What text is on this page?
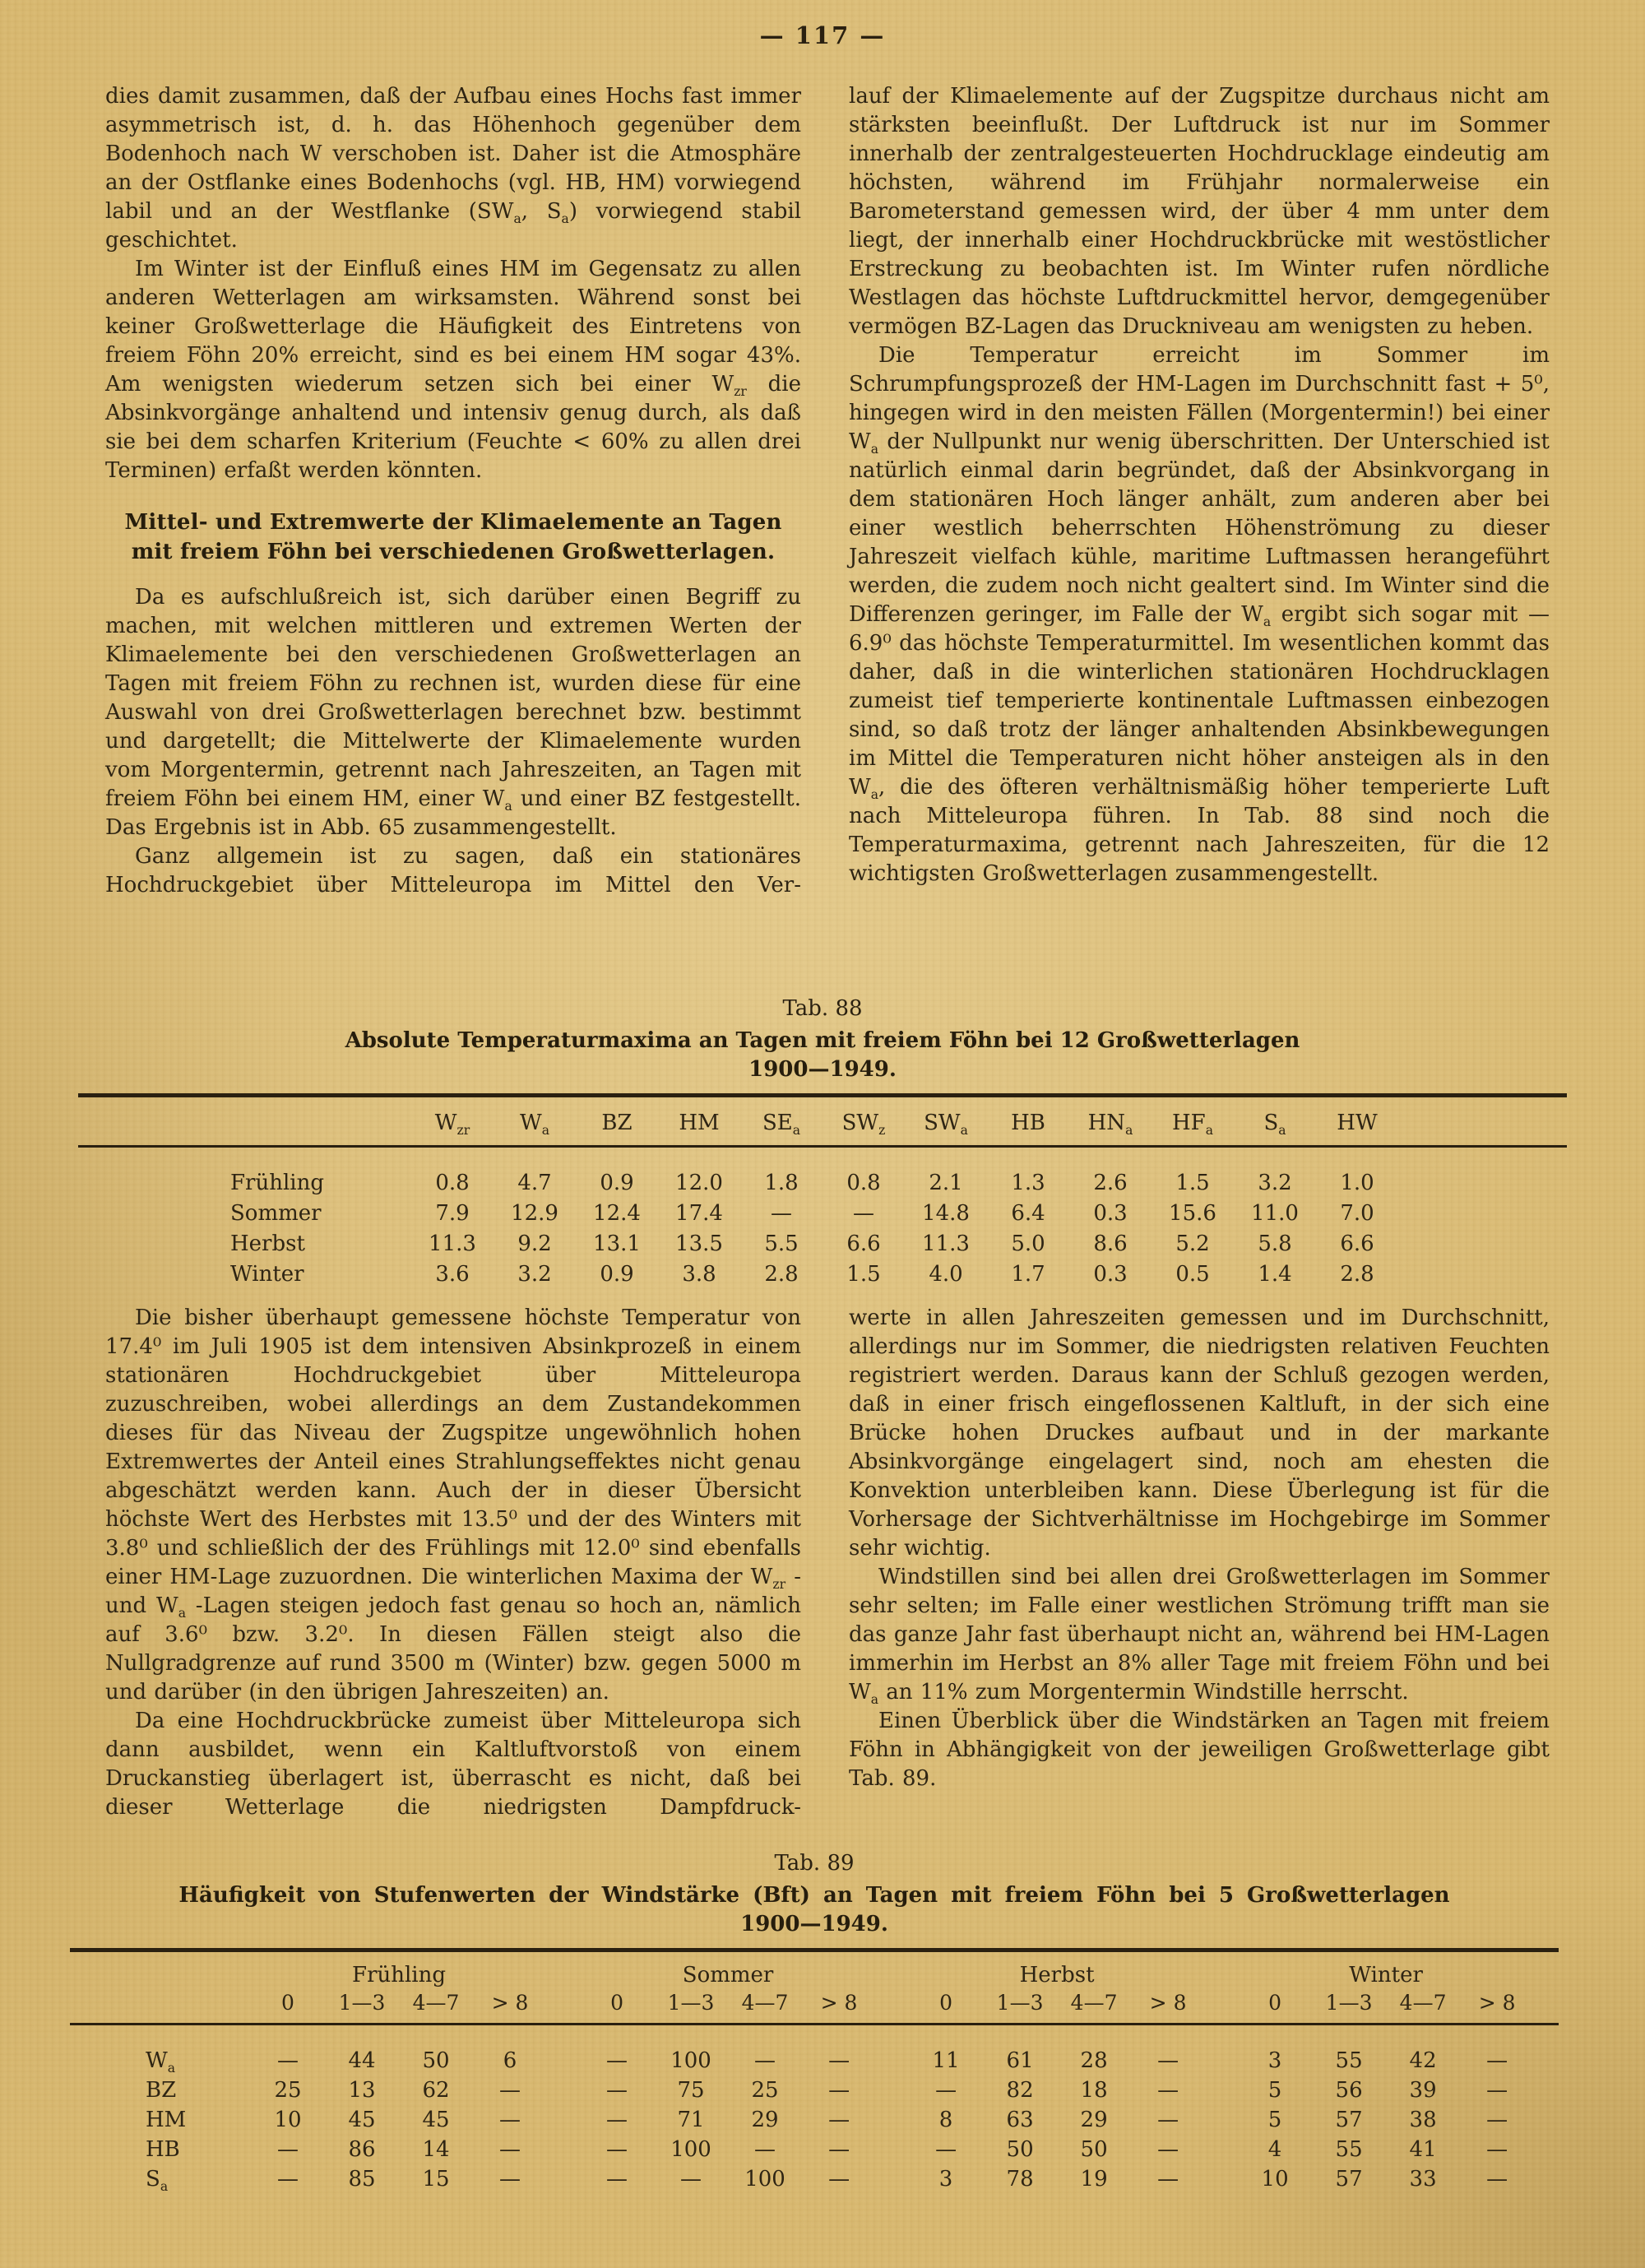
— 117 —

dies damit zusammen, daß der Aufbau eines Hochs fast immer asymmetrisch ist, d. h. das Höhenhoch gegenüber dem Bodenhoch nach W verschoben ist. Daher ist die Atmosphäre an der Ostflanke eines Bodenhochs (vgl. HB, HM) vorwiegend labil und an der Westflanke ($SW_a$, $S_a$) vorwiegend stabil geschichtet.

Im Winter ist der Einfluß eines HM im Gegensatz zu allen anderen Wetterlagen am wirksamsten. Während sonst bei keiner Großwetterlage die Häufigkeit des Eintretens von freiem Föhn 20% erreicht, sind es bei einem HM sogar 43%. Am wenigsten wiederum setzen sich bei einer $W_{zr}$ die Absinkvorgänge anhaltend und intensiv genug durch, als daß sie bei dem scharfen Kriterium (Feuchte < 60% zu allen drei Terminen) erfaßt werden könnten.

Mittel- und Extremwerte der Klimaelemente an Tagen
mit freiem Föhn bei verschiedenen Großwetterlagen.

Da es aufschlußreich ist, sich darüber einen Begriff zu machen, mit welchen mittleren und extremen Werten der Klimaelemente bei den verschiedenen Großwetterlagen an Tagen mit freiem Föhn zu rechnen ist, wurden diese für eine Auswahl von drei Großwetterlagen berechnet bzw. bestimmt und dargetellt; die Mittelwerte der Klimaelemente wurden vom Morgentermin, getrennt nach Jahreszeiten, an Tagen mit freiem Föhn bei einem HM, einer $W_a$ und einer BZ festgestellt. Das Ergebnis ist in Abb. 65 zusammengestellt.

Ganz allgemein ist zu sagen, daß ein stationäres Hochdruckgebiet über Mitteleuropa im Mittel den Ver-

lauf der Klimaelemente auf der Zugspitze durchaus nicht am stärksten beeinflußt. Der Luftdruck ist nur im Sommer innerhalb der zentralgesteuerten Hochdrucklage eindeutig am höchsten, während im Frühjahr normalerweise ein Barometerstand gemessen wird, der über 4 mm unter dem liegt, der innerhalb einer Hochdruckbrücke mit westöstlicher Erstreckung zu beobachten ist. Im Winter rufen nördliche Westlagen das höchste Luftdruckmittel hervor, demgegenüber vermögen BZ-Lagen das Druckniveau am wenigsten zu heben.

Die Temperatur erreicht im Sommer im Schrumpfungsprozeß der HM-Lagen im Durchschnitt fast + 5⁰, hingegen wird in den meisten Fällen (Morgentermin!) bei einer $W_a$ der Nullpunkt nur wenig überschritten. Der Unterschied ist natürlich einmal darin begründet, daß der Absinkvorgang in dem stationären Hoch länger anhält, zum anderen aber bei einer westlich beherrschten Höhenströmung zu dieser Jahreszeit vielfach kühle, maritime Luftmassen herangeführt werden, die zudem noch nicht gealtert sind. Im Winter sind die Differenzen geringer, im Falle der $W_a$ ergibt sich sogar mit — 6.9⁰ das höchste Temperaturmittel. Im wesentlichen kommt das daher, daß in die winterlichen stationären Hochdrucklagen zumeist tief temperierte kontinentale Luftmassen einbezogen sind, so daß trotz der länger anhaltenden Absinkbewegungen im Mittel die Temperaturen nicht höher ansteigen als in den $W_a$, die des öfteren verhältnismäßig höher temperierte Luft nach Mitteleuropa führen. In Tab. 88 sind noch die Temperaturmaxima, getrennt nach Jahreszeiten, für die 12 wichtigsten Großwetterlagen zusammengestellt.

Tab. 88
Absolute Temperaturmaxima an Tagen mit freiem Föhn bei 12 Großwetterlagen
1900—1949.
	$W_{zr}$	$W_a$	BZ	HM	$SE_a$	$SW_z$	$SW_a$	HB	$HN_a$	$HF_a$	$S_a$	HW	
Frühling	0.8	4.7	0.9	12.0	1.8	0.8	2.1	1.3	2.6	1.5	3.2	1.0	
Sommer	7.9	12.9	12.4	17.4	—	—	14.8	6.4	0.3	15.6	11.0	7.0	
Herbst	11.3	9.2	13.1	13.5	5.5	6.6	11.3	5.0	8.6	5.2	5.8	6.6	
Winter	3.6	3.2	0.9	3.8	2.8	1.5	4.0	1.7	0.3	0.5	1.4	2.8	

Die bisher überhaupt gemessene höchste Temperatur von 17.4⁰ im Juli 1905 ist dem intensiven Absinkprozeß in einem stationären Hochdruckgebiet über Mitteleuropa zuzuschreiben, wobei allerdings an dem Zustandekommen dieses für das Niveau der Zugspitze ungewöhnlich hohen Extremwertes der Anteil eines Strahlungseffektes nicht genau abgeschätzt werden kann. Auch der in dieser Übersicht höchste Wert des Herbstes mit 13.5⁰ und der des Winters mit 3.8⁰ und schließlich der des Frühlings mit 12.0⁰ sind ebenfalls einer HM-Lage zuzuordnen. Die winterlichen Maxima der $W_{zr}$ - und $W_a$ -Lagen steigen jedoch fast genau so hoch an, nämlich auf 3.6⁰ bzw. 3.2⁰. In diesen Fällen steigt also die Nullgradgrenze auf rund 3500 m (Winter) bzw. gegen 5000 m und darüber (in den übrigen Jahreszeiten) an.

Da eine Hochdruckbrücke zumeist über Mitteleuropa sich dann ausbildet, wenn ein Kaltluftvorstoß von einem Druckanstieg überlagert ist, überrascht es nicht, daß bei dieser Wetterlage die niedrigsten Dampfdruck-

werte in allen Jahreszeiten gemessen und im Durchschnitt, allerdings nur im Sommer, die niedrigsten relativen Feuchten registriert werden. Daraus kann der Schluß gezogen werden, daß in einer frisch eingeflossenen Kaltluft, in der sich eine Brücke hohen Druckes aufbaut und in der markante Absinkvorgänge eingelagert sind, noch am ehesten die Konvektion unterbleiben kann. Diese Überlegung ist für die Vorhersage der Sichtverhältnisse im Hochgebirge im Sommer sehr wichtig.

Windstillen sind bei allen drei Großwetterlagen im Sommer sehr selten; im Falle einer westlichen Strömung trifft man sie das ganze Jahr fast überhaupt nicht an, während bei HM-Lagen immerhin im Herbst an 8% aller Tage mit freiem Föhn und bei $W_a$ an 11% zum Morgentermin Windstille herrscht.

Einen Überblick über die Windstärken an Tagen mit freiem Föhn in Abhängigkeit von der jeweiligen Großwetterlage gibt Tab. 89.

Tab. 89
Häufigkeit von Stufenwerten der Windstärke (Bft) an Tagen mit freiem Föhn bei 5 Großwetterlagen
1900—1949.
	Frühling					Sommer					Herbst					Winter				
	0	1—3	4—7	> 8		0	1—3	4—7	> 8		0	1—3	4—7	> 8		0	1—3	4—7	> 8	
$W_a$	—	44	50	6		—	100	—	—		11	61	28	—		3	55	42	—	
BZ	25	13	62	—		—	75	25	—		—	82	18	—		5	56	39	—	
HM	10	45	45	—		—	71	29	—		8	63	29	—		5	57	38	—	
HB	—	86	14	—		—	100	—	—		—	50	50	—		4	55	41	—	
$S_a$	—	85	15	—		—	—	100	—		3	78	19	—		10	57	33	—	
